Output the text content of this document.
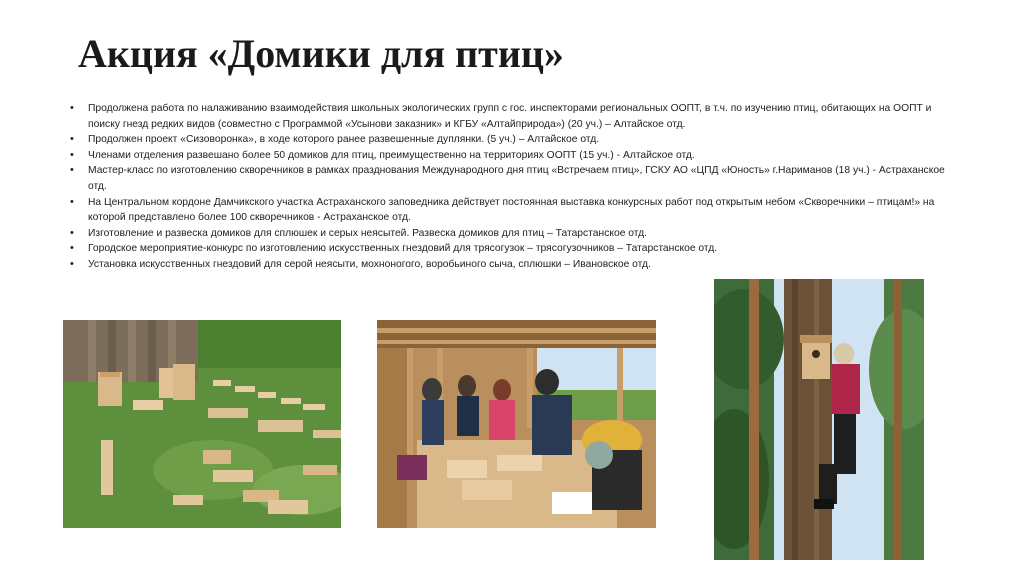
Акция «Домики для птиц»
• Продолжена работа по налаживанию взаимодействия школьных экологических групп с гос. инспекторами региональных ООПТ, в т.ч. по изучению птиц, обитающих на ООПТ и поиску гнезд редких видов (совместно с Программой «Усынови заказник» и КГБУ «Алтайприрода») (20 уч.) – Алтайское отд.
• Продолжен проект «Сизоворонка», в ходе которого ранее развешенные дуплянки. (5 уч.) – Алтайское отд.
• Членами отделения развешано более 50 домиков для птиц, преимущественно на территориях ООПТ (15 уч.) - Алтайское отд.
• Мастер-класс по изготовлению скворечников в рамках празднования Международного дня птиц «Встречаем птиц», ГСКУ АО «ЦПД «Юность» г.Нариманов (18 уч.) - Астраханское отд.
• На Центральном кордоне Дамчикского участка Астраханского заповедника действует постоянная выставка конкурсных работ под открытым небом «Скворечники – птицам!» на которой представлено более 100 скворечников - Астраханское отд.
• Изготовление и развеска домиков для сплюшек и серых неясытей. Развеска домиков для птиц – Татарстанское отд.
• Городское мероприятие-конкурс по изготовлению искусственных гнездовий для трясогузок – трясогузочников – Татарстанское отд.
• Установка искусственных гнездовий для серой неясыти, мохноногого, воробьиного сыча, сплюшки – Ивановское отд.
